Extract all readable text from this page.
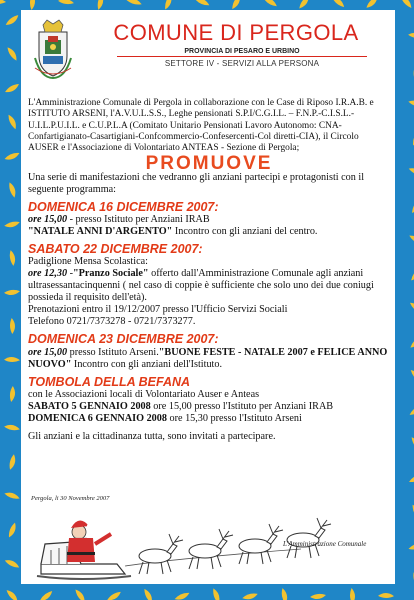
COMUNE DI PERGOLA
PROVINCIA DI PESARO E URBINO
SETTORE IV - SERVIZI ALLA PERSONA

L'Amministrazione Comunale di Pergola in collaborazione con le Case di Riposo I.R.A.B. e ISTITUTO ARSENI, l'A.V.U.L.S.S., Leghe pensionati S.P.I/C.G.I.L. – F.N.P.-C.I.S.L.- U.I.L.P.U.I.L. e C.U.P.L.A (Comitato Unitario Pensionati Lavoro Autonomo: CNA-Confartigianato-Casartigiani-Confcommercio-Confesercenti-Col diretti-CIA), il Circolo AUSER e l'Associazione di Volontariato ANTEAS - Sezione di Pergola;

PROMUOVE

Una serie di manifestazioni che vedranno gli anziani partecipi e protagonisti con il seguente programma:

DOMENICA 16 DICEMBRE 2007:

ore 15,00 - presso Istituto per Anziani IRAB

"NATALE ANNI D'ARGENTO" Incontro con gli anziani del centro.

SABATO 22 DICEMBRE 2007:

Padiglione Mensa Scolastica:

ore 12,30 -"Pranzo Sociale" offerto dall'Amministrazione Comunale agli anziani ultrasessantacinquenni ( nel caso di coppie è sufficiente che solo uno dei due coniugi possieda il requisito dell'età).

Prenotazioni entro il 19/12/2007 presso l'Ufficio Servizi Sociali

Telefono 0721/7373278 - 0721/7373277.

DOMENICA 23 DICEMBRE 2007:

ore 15,00 presso Istituto Arseni."BUONE FESTE - NATALE 2007 e FELICE ANNO NUOVO" Incontro con gli anziani dell'Istituto.

TOMBOLA DELLA BEFANA

con le Associazioni locali di Volontariato Auser e Anteas

SABATO 5 GENNAIO 2008 ore 15,00 presso l'Istituto per Anziani IRAB

DOMENICA 6 GENNAIO 2008 ore 15,30 presso l'Istituto Arseni

Gli anziani e la cittadinanza tutta, sono invitati a partecipare.

Pergola, li 30 Novembre 2007
L'Amministrazione Comunale
